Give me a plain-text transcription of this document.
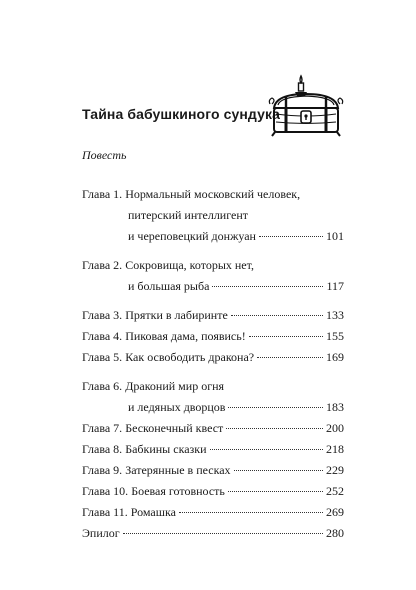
Тайна бабушкиного сундука
Повесть
Глава 1.
Нормальный московский человек,
питерский интеллигент
и череповецкий донжуан	101
Глава 2.
Сокровища, которых нет,
и большая рыба	117
Глава 3.
Прятки в лабиринте	133
Глава 4.
Пиковая дама, появись!	155
Глава 5.
Как освободить дракона?	169
Глава 6.
Драконий мир огня
и ледяных дворцов	183
Глава 7.
Бесконечный квест	200
Глава 8.
Бабкины сказки	218
Глава 9.
Затерянные в песках	229
Глава 10.
Боевая готовность	252
Глава 11.
Ромашка	269
Эпилог	280
